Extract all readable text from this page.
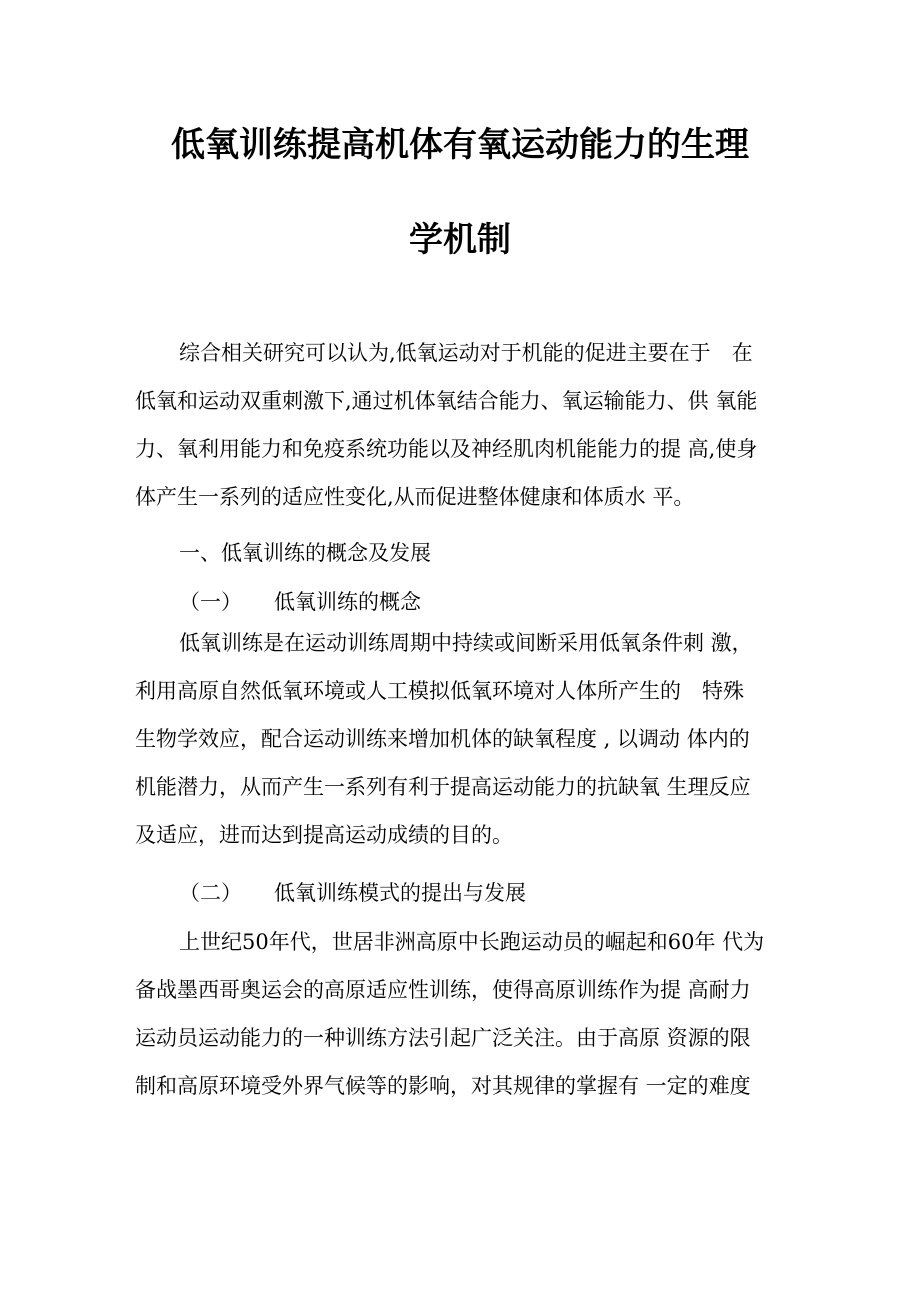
低氧训练提高机体有氧运动能力的生理
学机制
综合相关研究可以认为,低氧运动对于机能的促进主要在于　在
低氧和运动双重刺激下,通过机体氧结合能力、氧运输能力、供 氧能
力、氧利用能力和免疫系统功能以及神经肌肉机能能力的提 高,使身
体产生一系列的适应性变化,从而促进整体健康和体质水 平。
一、低氧训练的概念及发展
（一） 低氧训练的概念
低氧训练是在运动训练周期中持续或间断采用低氧条件刺 激，
利用高原自然低氧环境或人工模拟低氧环境对人体所产生的　特殊
生物学效应，配合运动训练来增加机体的缺氧程度 , 以调动 体内的
机能潜力，从而产生一系列有利于提高运动能力的抗缺氧 生理反应
及适应，进而达到提高运动成绩的目的。
（二） 低氧训练模式的提出与发展
上世纪50年代，世居非洲高原中长跑运动员的崛起和60年 代为
备战墨西哥奥运会的高原适应性训练，使得高原训练作为提 高耐力
运动员运动能力的一种训练方法引起广泛关注。由于高原 资源的限
制和高原环境受外界气候等的影响，对其规律的掌握有 一定的难度
